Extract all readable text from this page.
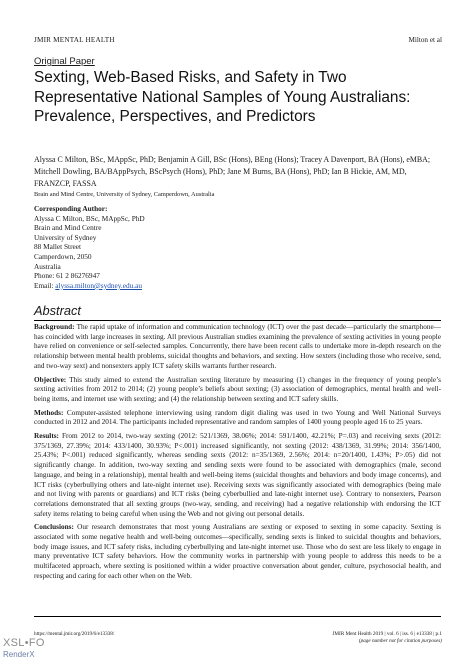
JMIR MENTAL HEALTH	Milton et al
Original Paper
Sexting, Web-Based Risks, and Safety in Two Representative National Samples of Young Australians: Prevalence, Perspectives, and Predictors

Alyssa C Milton, BSc, MAppSc, PhD; Benjamin A Gill, BSc (Hons), BEng (Hons); Tracey A Davenport, BA (Hons), eMBA; Mitchell Dowling, BA/BAppPsych, BScPsych (Hons), PhD; Jane M Burns, BA (Hons), PhD; Ian B Hickie, AM, MD, FRANZCP, FASSA

Brain and Mind Centre, University of Sydney, Camperdown, Australia
Corresponding Author:
Alyssa C Milton, BSc, MAppSc, PhD
Brain and Mind Centre
University of Sydney
88 Mallet Street
Camperdown, 2050
Australia
Phone: 61 2 86276947
Email: alyssa.milton@sydney.edu.au
Abstract

Background: The rapid uptake of information and communication technology (ICT) over the past decade—particularly the smartphone—has coincided with large increases in sexting. All previous Australian studies examining the prevalence of sexting activities in young people have relied on convenience or self-selected samples. Concurrently, there have been recent calls to undertake more in-depth research on the relationship between mental health problems, suicidal thoughts and behaviors, and sexting. How sexters (including those who receive, send, and two-way sext) and nonsexters apply ICT safety skills warrants further research.

Objective: This study aimed to extend the Australian sexting literature by measuring (1) changes in the frequency of young people’s sexting activities from 2012 to 2014; (2) young people’s beliefs about sexting; (3) association of demographics, mental health and well-being items, and internet use with sexting; and (4) the relationship between sexting and ICT safety skills.

Methods: Computer-assisted telephone interviewing using random digit dialing was used in two Young and Well National Surveys conducted in 2012 and 2014. The participants included representative and random samples of 1400 young people aged 16 to 25 years.

Results: From 2012 to 2014, two-way sexting (2012: 521/1369, 38.06%; 2014: 591/1400, 42.21%; P=.03) and receiving sexts (2012: 375/1369, 27.39%; 2014: 433/1400, 30.93%; P<.001) increased significantly, not sexting (2012: 438/1369, 31.99%; 2014: 356/1400, 25.43%; P<.001) reduced significantly, whereas sending sexts (2012: n=35/1369, 2.56%; 2014: n=20/1400, 1.43%; P>.05) did not significantly change. In addition, two-way sexting and sending sexts were found to be associated with demographics (male, second language, and being in a relationship), mental health and well-being items (suicidal thoughts and behaviors and body image concerns), and ICT risks (cyberbullying others and late-night internet use). Receiving sexts was significantly associated with demographics (being male and not living with parents or guardians) and ICT risks (being cyberbullied and late-night internet use). Contrary to nonsexters, Pearson correlations demonstrated that all sexting groups (two-way, sending, and receiving) had a negative relationship with endorsing the ICT safety items relating to being careful when using the Web and not giving out personal details.

Conclusions: Our research demonstrates that most young Australians are sexting or exposed to sexting in some capacity. Sexting is associated with some negative health and well-being outcomes—specifically, sending sexts is linked to suicidal thoughts and behaviors, body image issues, and ICT safety risks, including cyberbullying and late-night internet use. Those who do sext are less likely to engage in many preventative ICT safety behaviors. How the community works in partnership with young people to address this needs to be a multifaceted approach, where sexting is positioned within a wider proactive conversation about gender, culture, psychosocial health, and respecting and caring for each other when on the Web.

https://mental.jmir.org/2019/6/e13338/	JMIR Ment Health 2019 | vol. 6 | iss. 6 | e13338 | p.1
(page number not for citation purposes)
XSL•FO
RenderX
